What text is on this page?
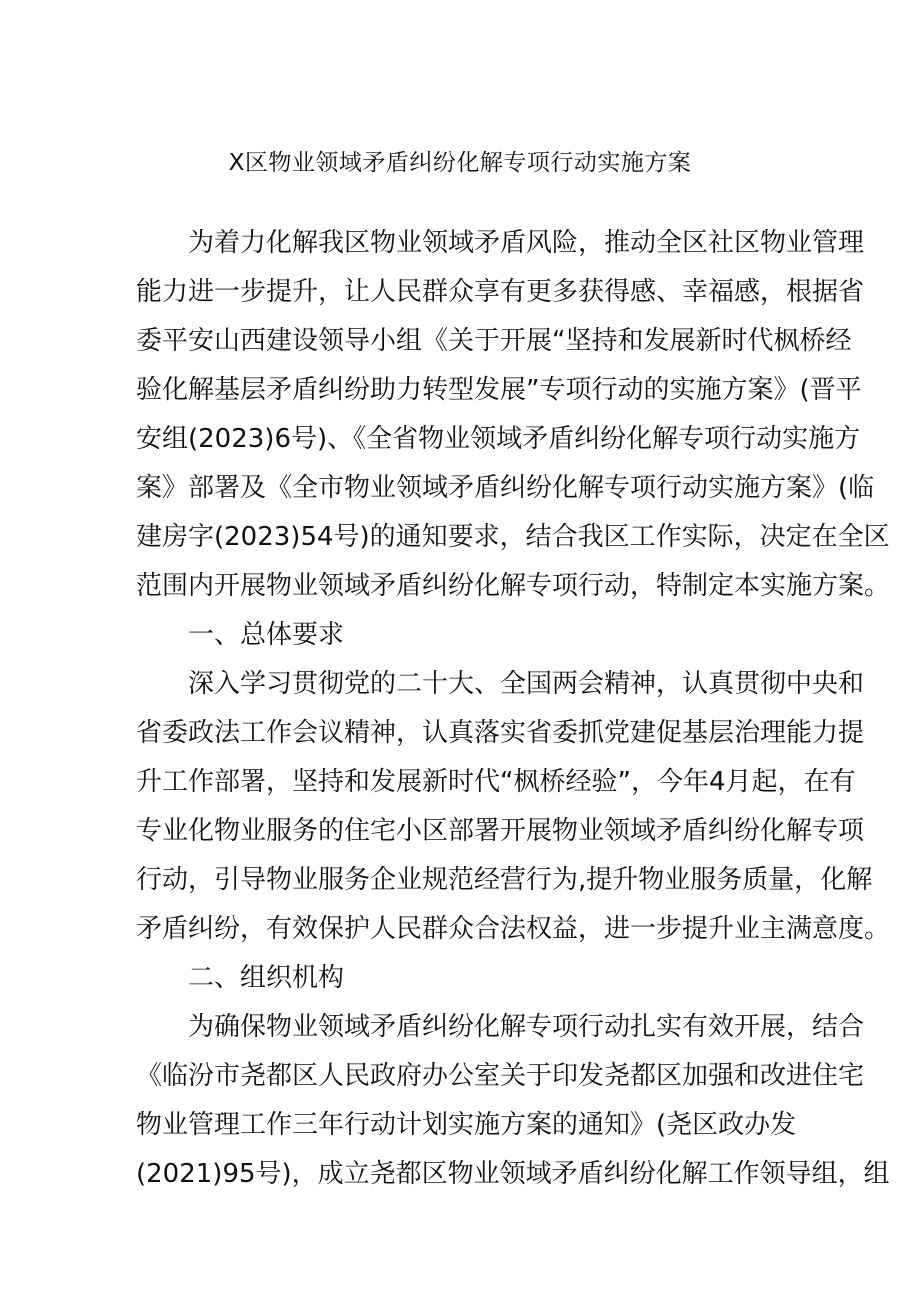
X区物业领域矛盾纠纷化解专项行动实施方案
为着力化解我区物业领域矛盾风险，推动全区社区物业管理
能力进一步提升，让人民群众享有更多获得感、幸福感，根据省
委平安山西建设领导小组《关于开展“坚持和发展新时代枫桥经
验化解基层矛盾纠纷助力转型发展”专项行动的实施方案》(晋平
安组(2023)6号)、《全省物业领域矛盾纠纷化解专项行动实施方
案》部署及《全市物业领域矛盾纠纷化解专项行动实施方案》(临
建房字(2023)54号)的通知要求，结合我区工作实际，决定在全区
范围内开展物业领域矛盾纠纷化解专项行动，特制定本实施方案。
一、总体要求
深入学习贯彻党的二十大、全国两会精神，认真贯彻中央和
省委政法工作会议精神，认真落实省委抓党建促基层治理能力提
升工作部署，坚持和发展新时代“枫桥经验”，今年4月起，在有
专业化物业服务的住宅小区部署开展物业领域矛盾纠纷化解专项
行动，引导物业服务企业规范经营行为,提升物业服务质量，化解
矛盾纠纷，有效保护人民群众合法权益，进一步提升业主满意度。
二、组织机构
为确保物业领域矛盾纠纷化解专项行动扎实有效开展，结合
《临汾市尧都区人民政府办公室关于印发尧都区加强和改进住宅
物业管理工作三年行动计划实施方案的通知》(尧区政办发
(2021)95号)，成立尧都区物业领域矛盾纠纷化解工作领导组，组
